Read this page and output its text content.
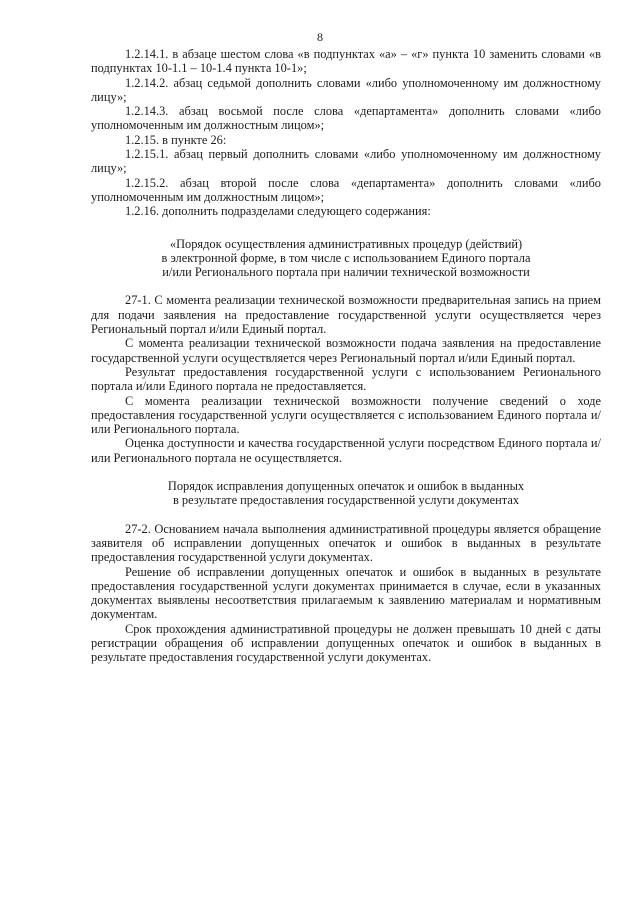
8

1.2.14.1. в абзаце шестом слова «в подпунктах «а» – «г» пункта 10 заменить словами «в подпунктах 10-1.1 – 10-1.4 пункта 10-1»;

1.2.14.2. абзац седьмой дополнить словами «либо уполномоченному им должностному лицу»;

1.2.14.3. абзац восьмой после слова «департамента» дополнить словами «либо уполномоченным им должностным лицом»;

1.2.15. в пункте 26:

1.2.15.1. абзац первый дополнить словами «либо уполномоченному им должностному лицу»;

1.2.15.2. абзац второй после слова «департамента» дополнить словами «либо уполномоченным им должностным лицом»;

1.2.16. дополнить подразделами следующего содержания:

«Порядок осуществления административных процедур (действий)

в электронной форме, в том числе с использованием Единого портала

и/или Регионального портала при наличии технической возможности

27-1. С момента реализации технической возможности предварительная запись на прием для подачи заявления на предоставление государственной услуги осуществляется через Региональный портал и/или Единый портал.

С момента реализации технической возможности подача заявления на предоставление государственной услуги осуществляется через Региональный портал и/или Единый портал.

Результат предоставления государственной услуги с использованием Регионального портала и/или Единого портала не предоставляется.

С момента реализации технической возможности получение сведений о ходе предоставления государственной услуги осуществляется с использованием Единого портала и/или Регионального портала.

Оценка доступности и качества государственной услуги посредством Единого портала и/или Регионального портала не осуществляется.

Порядок исправления допущенных опечаток и ошибок в выданных

в результате предоставления государственной услуги документах

27-2. Основанием начала выполнения административной процедуры является обращение заявителя об исправлении допущенных опечаток и ошибок в выданных в результате предоставления государственной услуги документах.

Решение об исправлении допущенных опечаток и ошибок в выданных в результате предоставления государственной услуги документах принимается в случае, если в указанных документах выявлены несоответствия прилагаемым к заявлению материалам и нормативным документам.

Срок прохождения административной процедуры не должен превышать 10 дней с даты регистрации обращения об исправлении допущенных опечаток и ошибок в выданных в результате предоставления государственной услуги документах.
